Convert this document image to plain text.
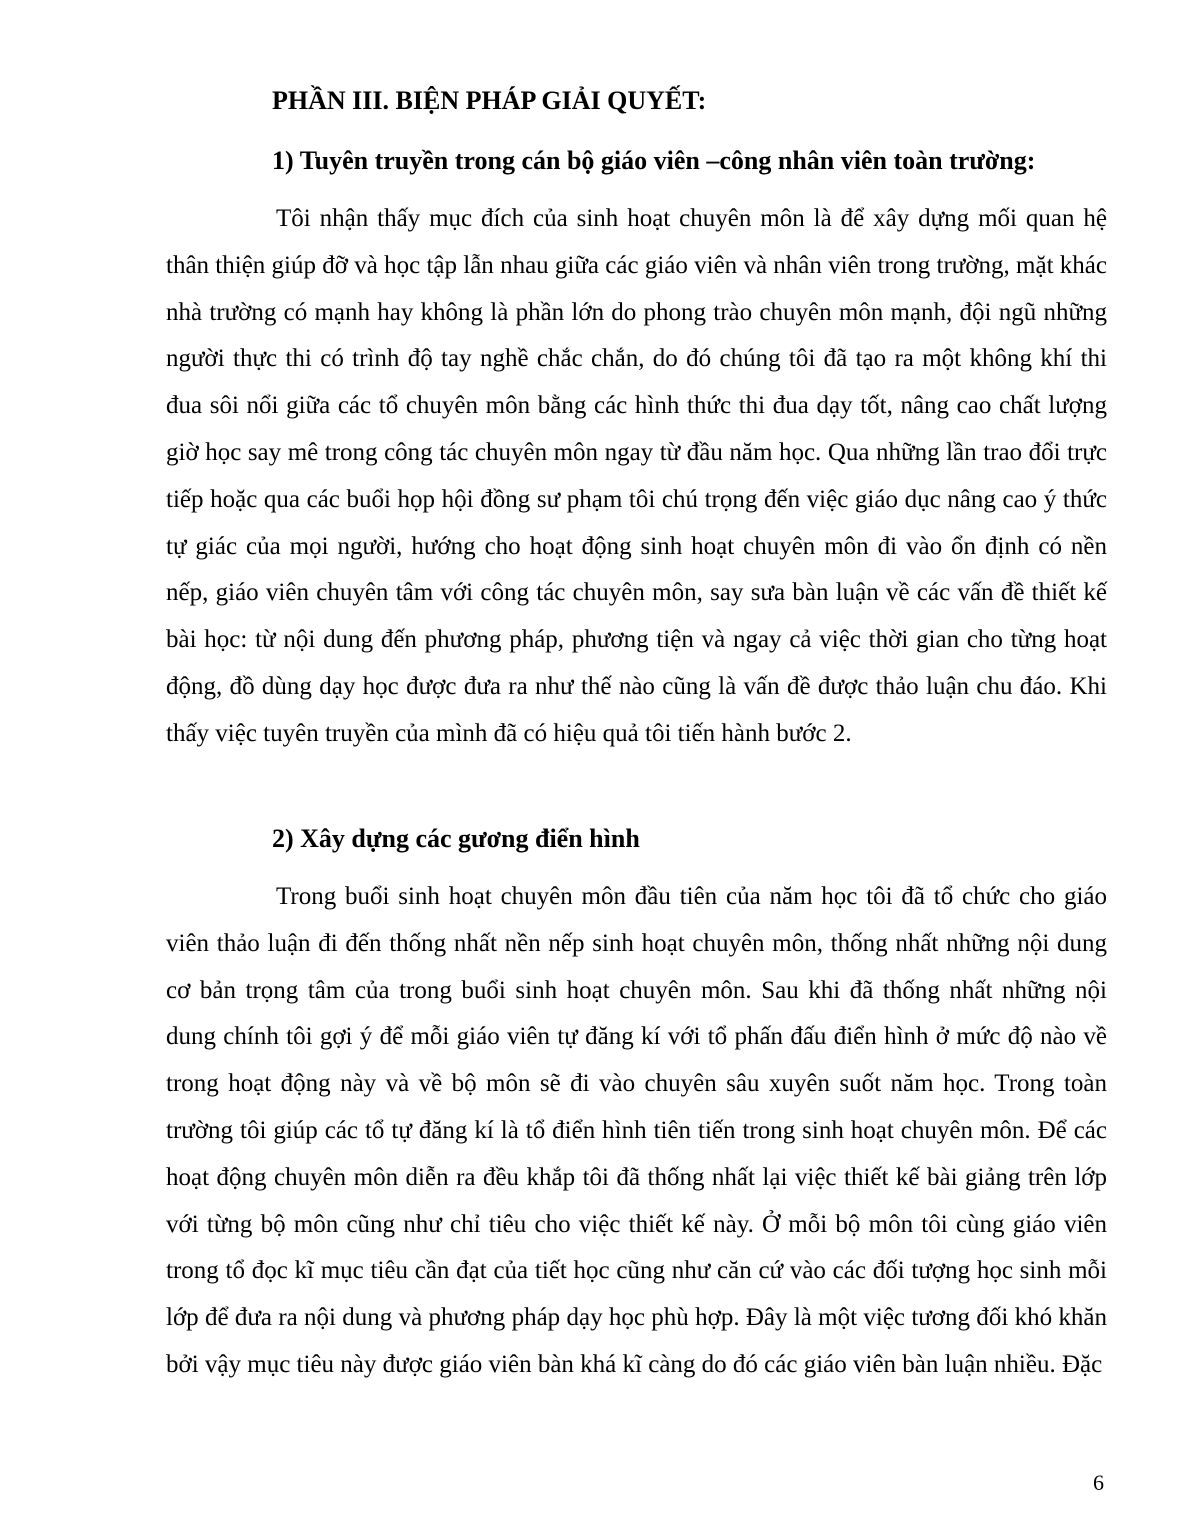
PHẦN III. BIỆN PHÁP GIẢI QUYẾT:
1) Tuyên truyền trong cán bộ giáo viên –công nhân viên toàn trường:

Tôi nhận thấy mục đích của sinh hoạt chuyên môn là để xây dựng mối quan hệ thân thiện giúp đỡ và học tập lẫn nhau giữa các giáo viên và nhân viên trong trường, mặt khác nhà trường có mạnh hay không là phần lớn do phong trào chuyên môn mạnh, đội ngũ những người thực thi có trình độ tay nghề chắc chắn, do đó chúng tôi đã tạo ra một không khí thi đua sôi nổi giữa các tổ chuyên môn bằng các hình thức thi đua dạy tốt, nâng cao chất lượng giờ học say mê trong công tác chuyên môn ngay từ đầu năm học. Qua những lần trao đổi trực tiếp hoặc qua các buổi họp hội đồng sư phạm tôi chú trọng đến việc giáo dục nâng cao ý thức tự giác của mọi người, hướng cho hoạt động sinh hoạt chuyên môn đi vào ổn định có nền nếp, giáo viên chuyên tâm với công tác chuyên môn, say sưa bàn luận về các vấn đề thiết kế bài học: từ nội dung đến phương pháp, phương tiện và ngay cả việc thời gian cho từng hoạt động, đồ dùng dạy học được đưa ra như thế nào cũng là vấn đề được thảo luận chu đáo. Khi thấy việc tuyên truyền của mình đã có hiệu quả tôi tiến hành bước 2.

2) Xây dựng các gương điển hình

Trong buổi sinh hoạt chuyên môn đầu tiên của năm học tôi đã tổ chức cho giáo viên thảo luận đi đến thống nhất nền nếp sinh hoạt chuyên môn, thống nhất những nội dung cơ bản trọng tâm của trong buổi sinh hoạt chuyên môn. Sau khi đã thống nhất những nội dung chính tôi gợi ý để mỗi giáo viên tự đăng kí với tổ phấn đấu điển hình ở mức độ nào về trong hoạt động này và về bộ môn sẽ đi vào chuyên sâu xuyên suốt năm học. Trong toàn trường tôi giúp các tổ tự đăng kí là tổ điển hình tiên tiến trong sinh hoạt chuyên môn. Để các hoạt động chuyên môn diễn ra đều khắp tôi đã thống nhất lại việc thiết kế bài giảng trên lớp với từng bộ môn cũng như chỉ tiêu cho việc thiết kế này. Ở mỗi bộ môn tôi cùng giáo viên trong tổ đọc kĩ mục tiêu cần đạt của tiết học cũng như căn cứ vào các đối tượng học sinh mỗi lớp để đưa ra nội dung và phương pháp dạy học phù hợp. Đây là một việc tương đối khó khăn bởi vậy mục tiêu này được giáo viên bàn khá kĩ càng do đó các giáo viên bàn luận nhiều. Đặc

6
